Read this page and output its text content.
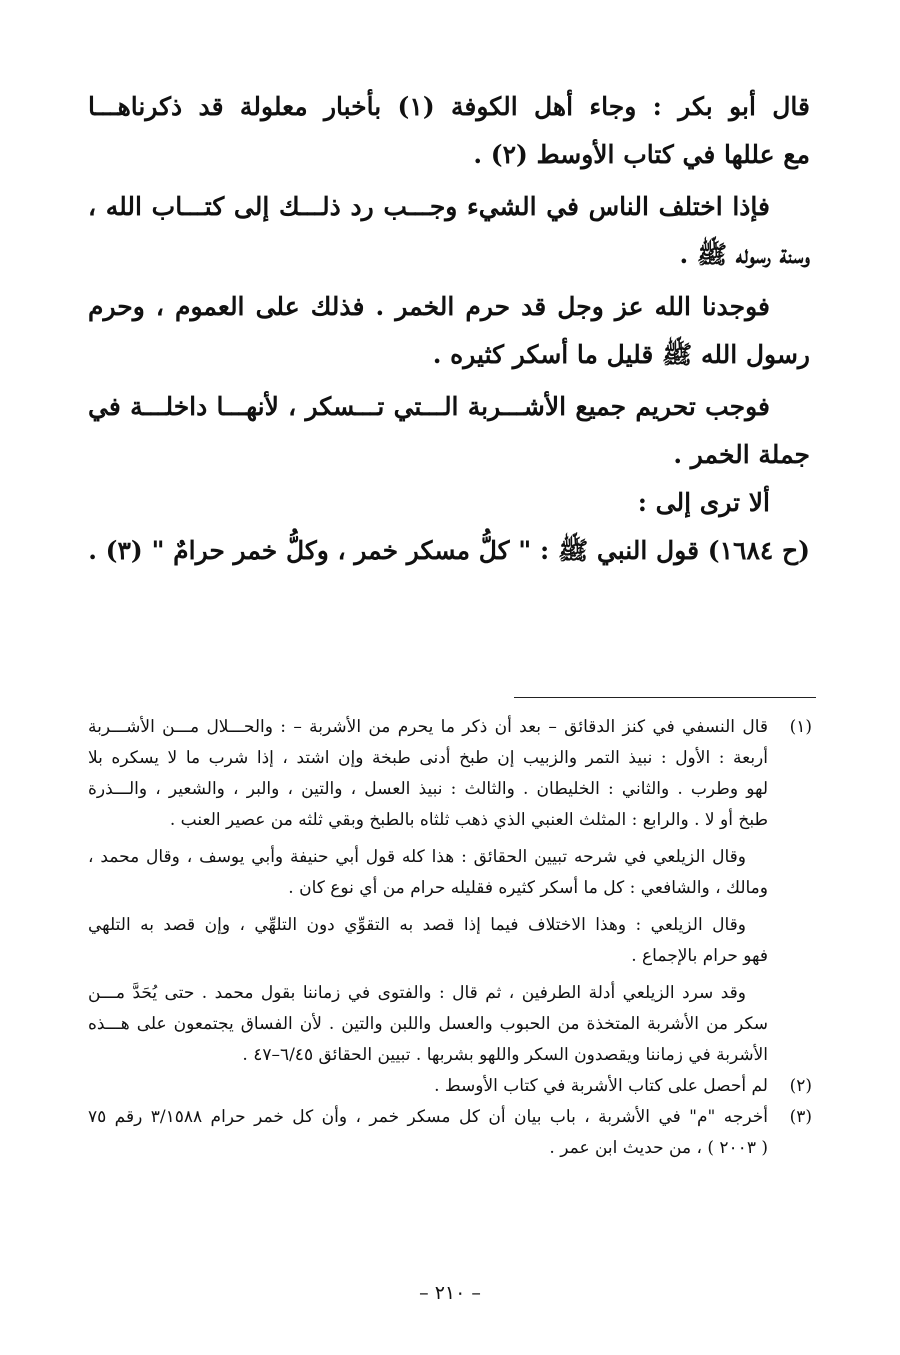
قال أبو بكر : وجاء أهل الكوفة (١) بأخبار معلولة قد ذكرناهـــا
مع عللها في كتاب الأوسط (٢) .
فإذا اختلف الناس في الشيء وجـــب رد ذلـــك إلى كتـــاب الله ،
وسنة رسوله ﷺ .
فوجدنا الله عز وجل قد حرم الخمر . فذلك على العموم ، وحرم
رسول الله ﷺ قليل ما أسكر كثيره .
فوجب تحريم جميع الأشـــربة الـــتي تـــسكر ، لأنهـــا داخلـــة في
جملة الخمر .
ألا ترى إلى :
(ح ١٦٨٤) قول النبي ﷺ : " كلُّ مسكر خمر ، وكلُّ خمر حرامٌ " (٣) .
(١)
قال النسفي في كنز الدقائق – بعد أن ذكر ما يحرم من الأشربة – : والحـــلال مـــن الأشـــربة
أربعة : الأول : نبيذ التمر والزبيب إن طبخ أدنى طبخة وإن اشتد ، إذا شرب ما لا يسكره بلا
لهو وطرب . والثاني : الخليطان . والثالث : نبيذ العسل ، والتين ، والبر ، والشعير ، والـــذرة
طبخ أو لا . والرابع : المثلث العنبي الذي ذهب ثلثاه بالطبخ وبقي ثلثه من عصير العنب .
وقال الزيلعي في شرحه تبيين الحقائق : هذا كله قول أبي حنيفة وأبي يوسف ، وقال محمد ،
ومالك ، والشافعي : كل ما أسكر كثيره فقليله حرام من أي نوع كان .
وقال الزيلعي : وهذا الاختلاف فيما إذا قصد به التقوِّي دون التلهِّي ، وإن قصد به التلهي
فهو حرام بالإجماع .
وقد سرد الزيلعي أدلة الطرفين ، ثم قال : والفتوى في زماننا بقول محمد . حتى يُحَدَّ مـــن
سكر من الأشربة المتخذة من الحبوب والعسل واللبن والتين . لأن الفساق يجتمعون على هـــذه
الأشربة في زماننا ويقصدون السكر واللهو بشربها . تبيين الحقائق ٦/٤٥–٤٧ .
(٢)
لم أحصل على كتاب الأشربة في كتاب الأوسط .
(٣)
أخرجه "م" في الأشربة ، باب بيان أن كل مسكر خمر ، وأن كل خمر حرام ٣/١٥٨٨ رقم ٧٥
( ٢٠٠٣ ) ، من حديث ابن عمر .
– ٢١٠ –
